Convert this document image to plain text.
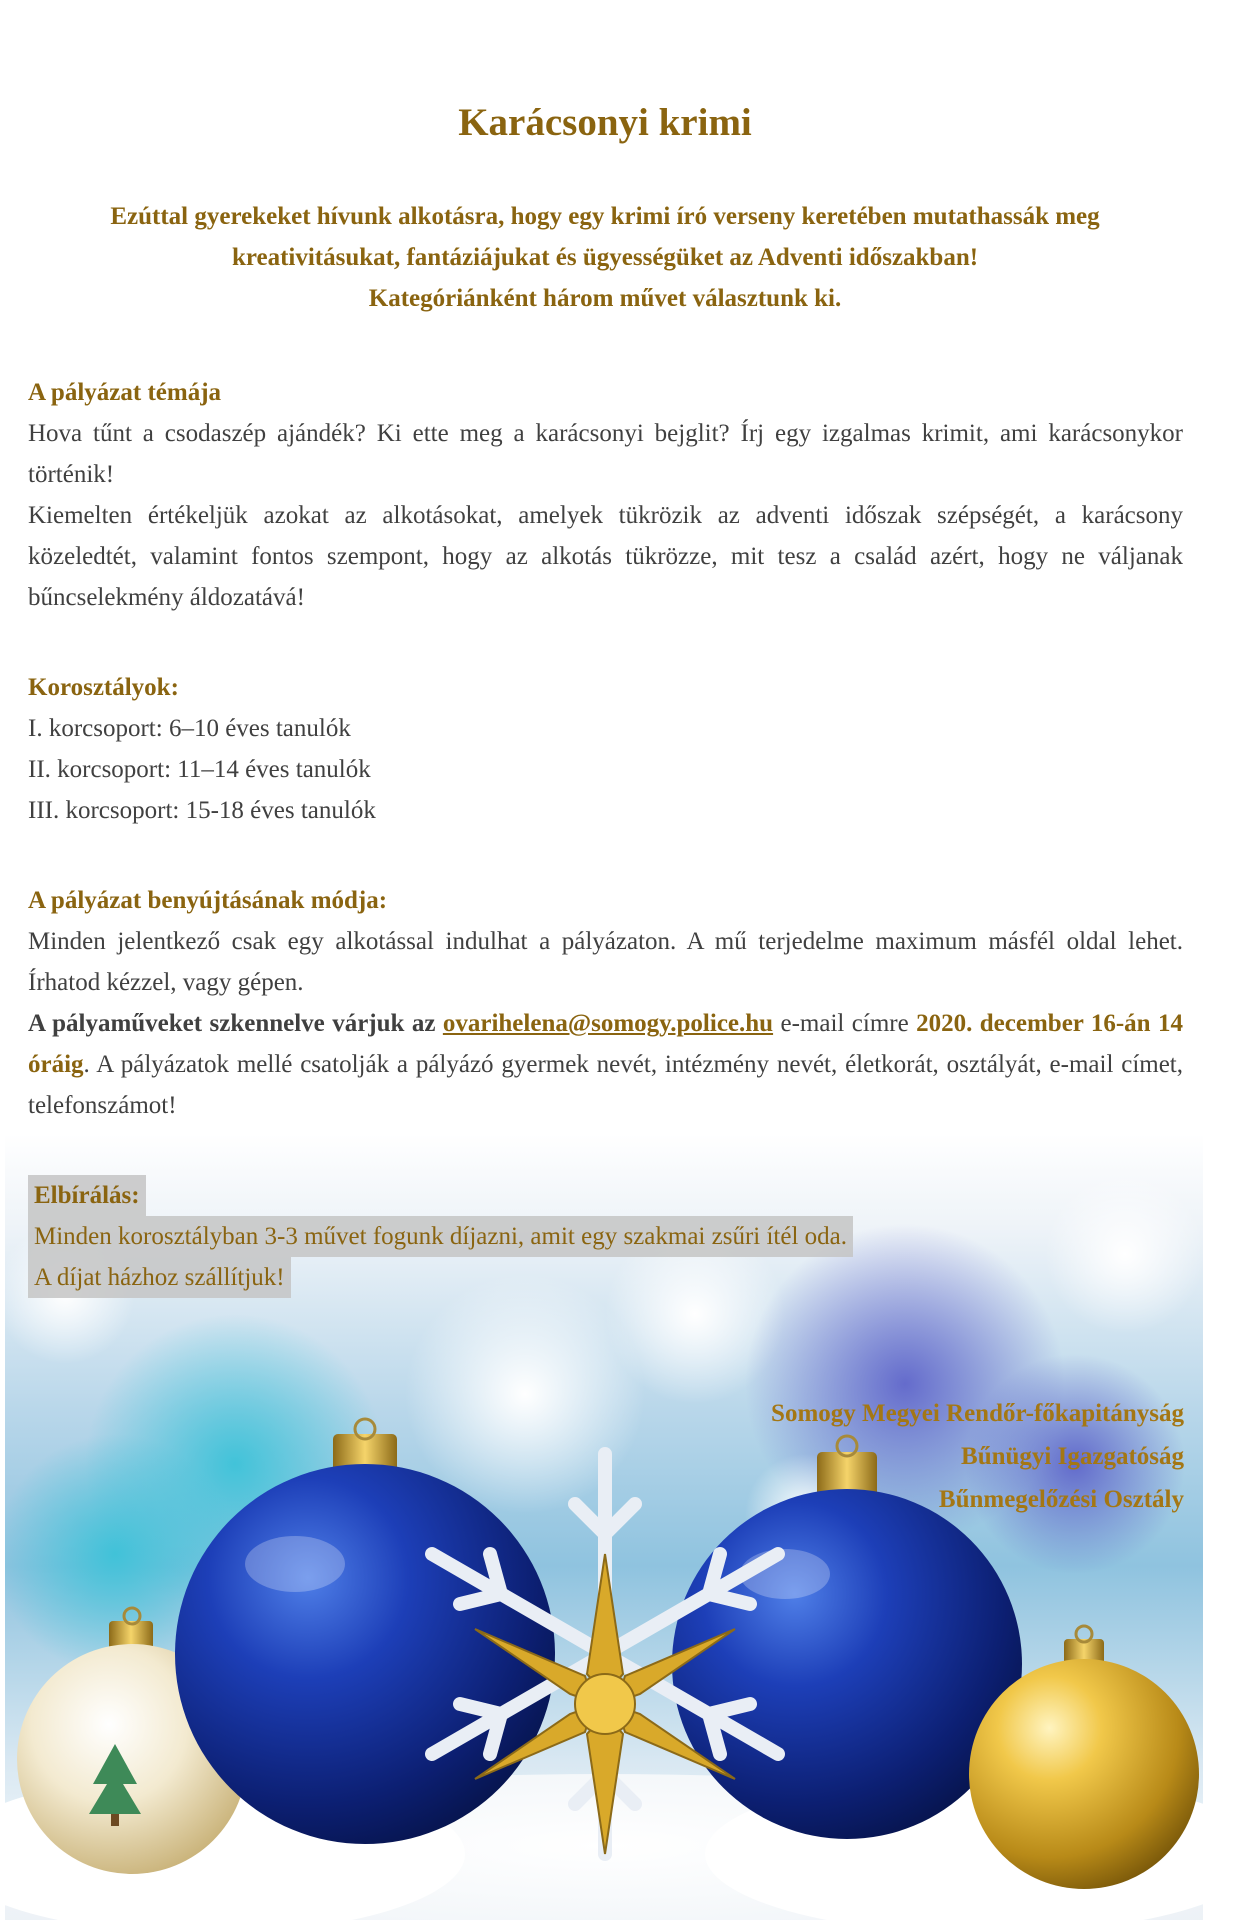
Karácsonyi krimi
Ezúttal gyerekeket hívunk alkotásra, hogy egy krimi író verseny keretében mutathassák meg
kreativitásukat, fantáziájukat és ügyességüket az Adventi időszakban!
Kategóriánként három művet választunk ki.

A pályázat témája

Hova tűnt a csodaszép ajándék? Ki ette meg a karácsonyi bejglit? Írj egy izgalmas krimit, ami karácsonykor történik!

Kiemelten értékeljük azokat az alkotásokat, amelyek tükrözik az adventi időszak szépségét, a karácsony közeledtét, valamint fontos szempont, hogy az alkotás tükrözze, mit tesz a család azért, hogy ne váljanak bűncselekmény áldozatává!

Korosztályok:

I. korcsoport: 6–10 éves tanulók

II. korcsoport: 11–14 éves tanulók

III. korcsoport: 15-18 éves tanulók

A pályázat benyújtásának módja:

Minden jelentkező csak egy alkotással indulhat a pályázaton. A mű terjedelme maximum másfél oldal lehet. Írhatod kézzel, vagy gépen.

A pályaműveket szkennelve várjuk az ovarihelena@somogy.police.hu e-mail címre 2020. december 16-án 14 óráig. A pályázatok mellé csatolják a pályázó gyermek nevét, intézmény nevét, életkorát, osztályát, e-mail címet, telefonszámot!

Elbírálás:
Minden korosztályban 3-3 művet fogunk díjazni, amit egy szakmai zsűri ítél oda.
A díjat házhoz szállítjuk!
Somogy Megyei Rendőr-főkapitányság
Bűnügyi Igazgatóság
Bűnmegelőzési Osztály
